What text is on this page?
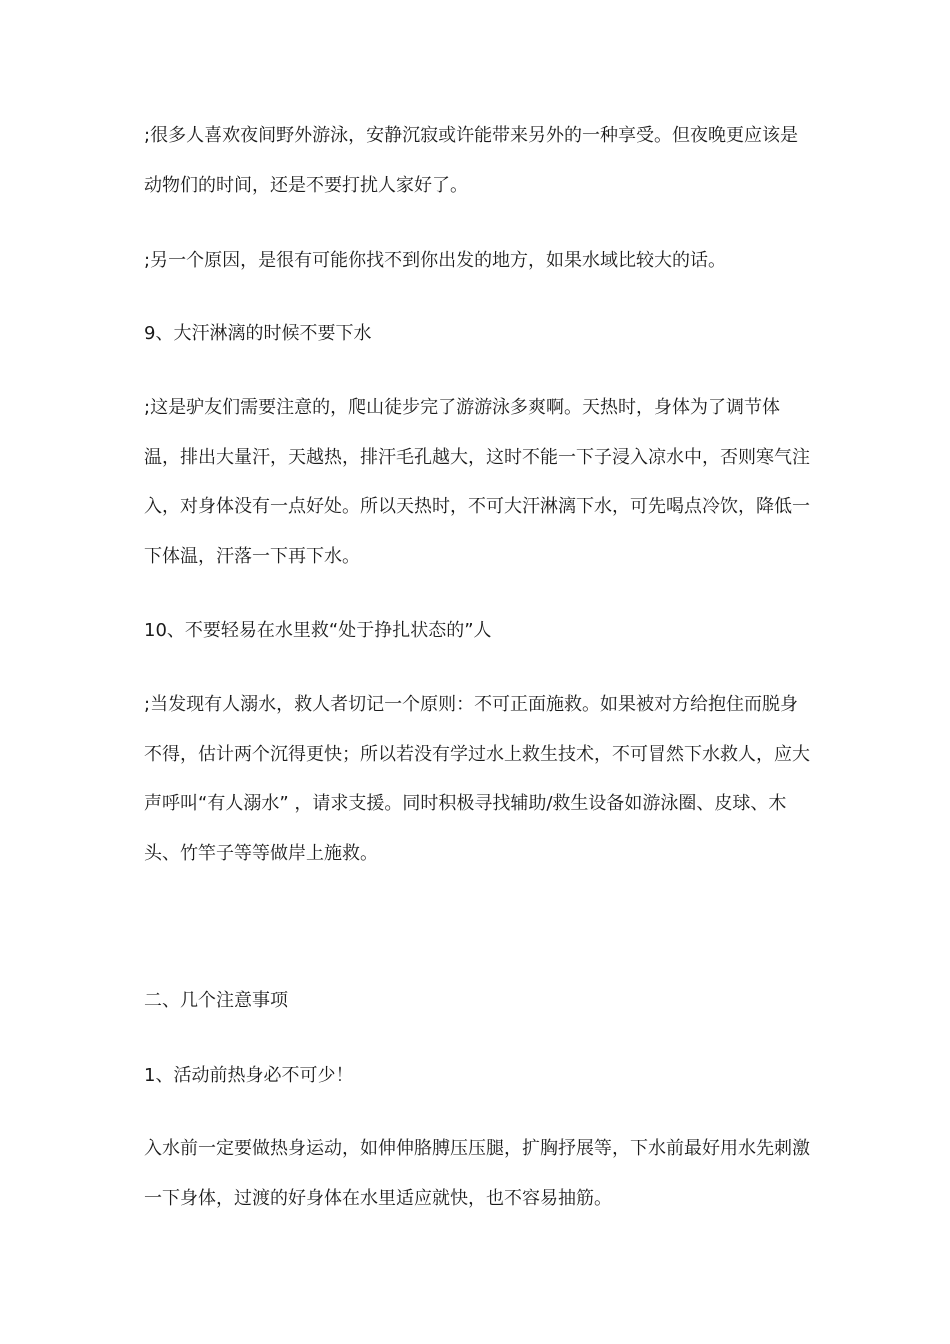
;很多人喜欢夜间野外游泳，安静沉寂或许能带来另外的一种享受。但夜晚更应该是动物们的时间，还是不要打扰人家好了。

;另一个原因，是很有可能你找不到你出发的地方，如果水域比较大的话。

9、大汗淋漓的时候不要下水

;这是驴友们需要注意的，爬山徒步完了游游泳多爽啊。天热时，身体为了调节体温，排出大量汗，天越热，排汗毛孔越大，这时不能一下子浸入凉水中，否则寒气注入，对身体没有一点好处。所以天热时，不可大汗淋漓下水，可先喝点冷饮，降低一下体温，汗落一下再下水。

10、不要轻易在水里救“处于挣扎状态的”人

;当发现有人溺水，救人者切记一个原则：不可正面施救。如果被对方给抱住而脱身不得，估计两个沉得更快；所以若没有学过水上救生技术，不可冒然下水救人，应大声呼叫“有人溺水” ，请求支援。同时积极寻找辅助/救生设备如游泳圈、皮球、木头、竹竿子等等做岸上施救。

二、几个注意事项

1、活动前热身必不可少！

入水前一定要做热身运动，如伸伸胳膊压压腿，扩胸抒展等，下水前最好用水先刺激一下身体，过渡的好身体在水里适应就快，也不容易抽筋。
